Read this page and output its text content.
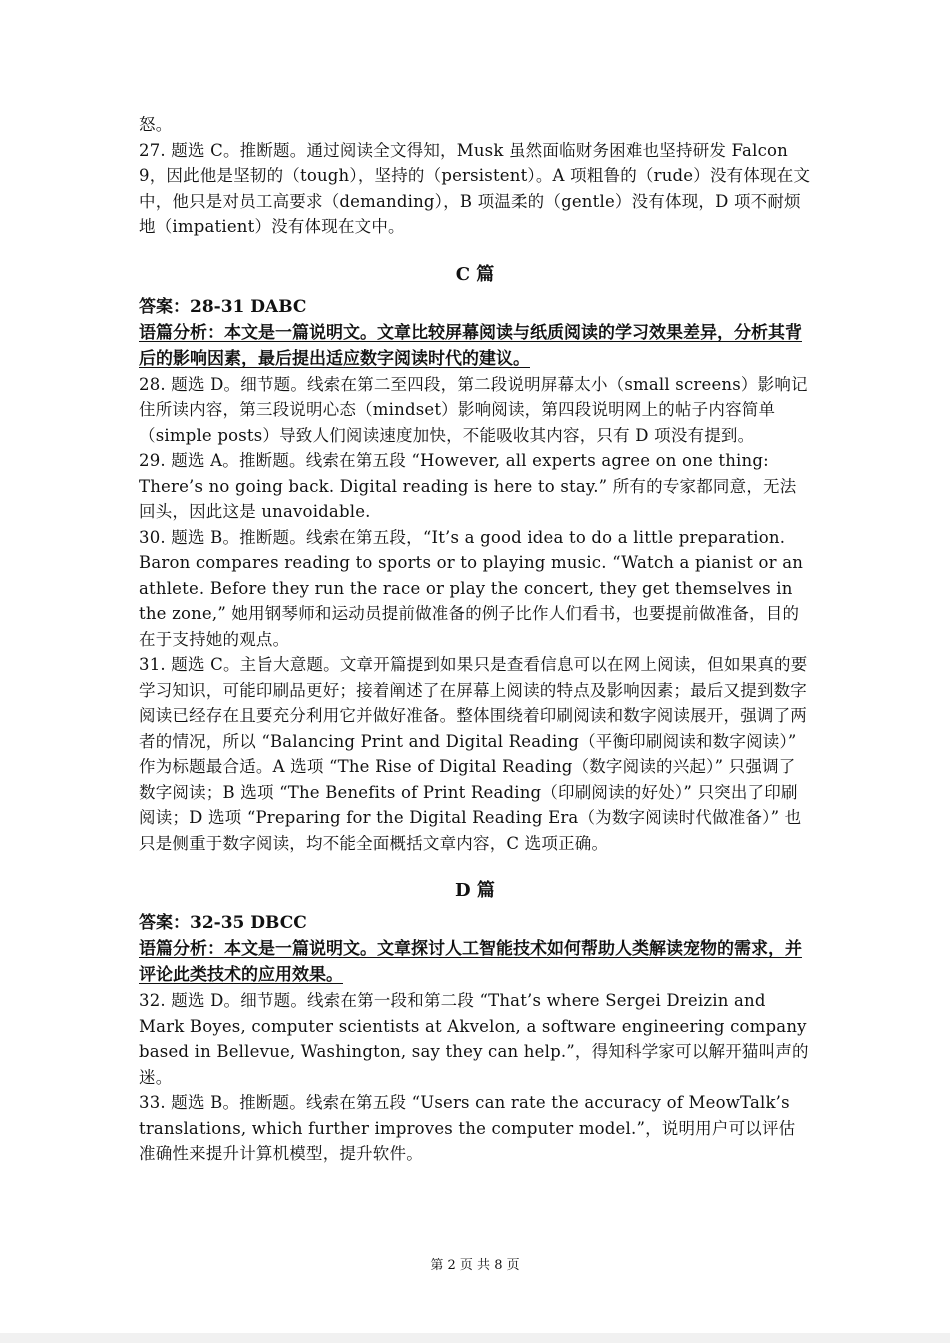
怒。

27. 题选 C。推断题。通过阅读全文得知，Musk 虽然面临财务困难也坚持研发 Falcon 9，因此他是坚韧的（tough），坚持的（persistent）。A 项粗鲁的（rude）没有体现在文中，他只是对员工高要求（demanding），B 项温柔的（gentle）没有体现，D 项不耐烦地（impatient）没有体现在文中。

C 篇

答案：28-31 DABC

语篇分析：本文是一篇说明文。文章比较屏幕阅读与纸质阅读的学习效果差异，分析其背后的影响因素，最后提出适应数字阅读时代的建议。

28. 题选 D。细节题。线索在第二至四段，第二段说明屏幕太小（small screens）影响记住所读内容，第三段说明心态（mindset）影响阅读，第四段说明网上的帖子内容简单（simple posts）导致人们阅读速度加快，不能吸收其内容，只有 D 项没有提到。

29. 题选 A。推断题。线索在第五段 “However, all experts agree on one thing: There’s no going back. Digital reading is here to stay.” 所有的专家都同意，无法回头，因此这是 unavoidable.

30. 题选 B。推断题。线索在第五段，“It’s a good idea to do a little preparation. Baron compares reading to sports or to playing music. “Watch a pianist or an athlete. Before they run the race or play the concert, they get themselves in the zone,” 她用钢琴师和运动员提前做准备的例子比作人们看书，也要提前做准备，目的在于支持她的观点。

31. 题选 C。主旨大意题。文章开篇提到如果只是查看信息可以在网上阅读，但如果真的要学习知识，可能印刷品更好；接着阐述了在屏幕上阅读的特点及影响因素；最后又提到数字阅读已经存在且要充分利用它并做好准备。整体围绕着印刷阅读和数字阅读展开，强调了两者的情况，所以 “Balancing Print and Digital Reading（平衡印刷阅读和数字阅读）” 作为标题最合适。A 选项 “The Rise of Digital Reading（数字阅读的兴起）” 只强调了数字阅读；B 选项 “The Benefits of Print Reading（印刷阅读的好处）” 只突出了印刷阅读；D 选项 “Preparing for the Digital Reading Era（为数字阅读时代做准备）” 也只是侧重于数字阅读，均不能全面概括文章内容，C 选项正确。

D 篇

答案：32-35 DBCC

语篇分析：本文是一篇说明文。文章探讨人工智能技术如何帮助人类解读宠物的需求，并评论此类技术的应用效果。

32. 题选 D。细节题。线索在第一段和第二段 “That’s where Sergei Dreizin and Mark Boyes, computer scientists at Akvelon, a software engineering company based in Bellevue, Washington, say they can help.”，得知科学家可以解开猫叫声的迷。

33. 题选 B。推断题。线索在第五段 “Users can rate the accuracy of MeowTalk’s translations, which further improves the computer model.”，说明用户可以评估准确性来提升计算机模型，提升软件。

第 2 页 共 8 页
